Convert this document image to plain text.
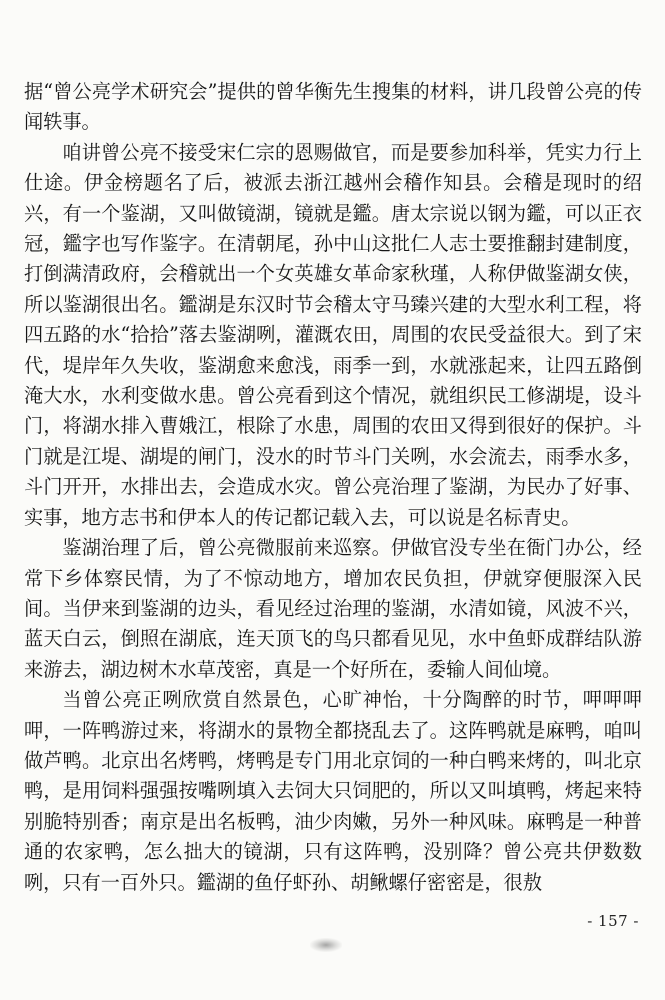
据“曾公亮学术研究会”提供的曾华衡先生搜集的材料，讲几段曾公亮的传闻轶事。

咱讲曾公亮不接受宋仁宗的恩赐做官，而是要参加科举，凭实力行上仕途。伊金榜题名了后，被派去浙江越州会稽作知县。会稽是现时的绍兴，有一个鉴湖，又叫做镜湖，镜就是鑑。唐太宗说以钢为鑑，可以正衣冠，鑑字也写作鉴字。在清朝尾，孙中山这批仁人志士要推翻封建制度，打倒满清政府，会稽就出一个女英雄女革命家秋瑾，人称伊做鉴湖女侠，所以鉴湖很出名。鑑湖是东汉时节会稽太守马臻兴建的大型水利工程，将四五路的水“拾拾”落去鉴湖咧，灌溉农田，周围的农民受益很大。到了宋代，堤岸年久失收，鉴湖愈来愈浅，雨季一到，水就涨起来，让四五路倒淹大水，水利变做水患。曾公亮看到这个情况，就组织民工修湖堤，设斗门，将湖水排入曹娥江，根除了水患，周围的农田又得到很好的保护。斗门就是江堤、湖堤的闸门，没水的时节斗门关咧，水会流去，雨季水多，斗门开开，水排出去，会造成水灾。曾公亮治理了鉴湖，为民办了好事、实事，地方志书和伊本人的传记都记载入去，可以说是名标青史。

鉴湖治理了后，曾公亮微服前来巡察。伊做官没专坐在衙门办公，经常下乡体察民情，为了不惊动地方，增加农民负担，伊就穿便服深入民间。当伊来到鉴湖的边头，看见经过治理的鉴湖，水清如镜，风波不兴，蓝天白云，倒照在湖底，连天顶飞的鸟只都看见见，水中鱼虾成群结队游来游去，湖边树木水草茂密，真是一个好所在，委输人间仙境。

当曾公亮正咧欣赏自然景色，心旷神怡，十分陶醉的时节，呷呷呷呷，一阵鸭游过来，将湖水的景物全都挠乱去了。这阵鸭就是麻鸭，咱叫做芦鸭。北京出名烤鸭，烤鸭是专门用北京饲的一种白鸭来烤的，叫北京鸭，是用饲料强强按嘴咧填入去饲大只饲肥的，所以又叫填鸭，烤起来特别脆特别香；南京是出名板鸭，油少肉嫩，另外一种风味。麻鸭是一种普通的农家鸭，怎么拙大的镜湖，只有这阵鸭，没别降？曾公亮共伊数数咧，只有一百外只。鑑湖的鱼仔虾孙、胡鳅螺仔密密是，很敖

- 157 -
